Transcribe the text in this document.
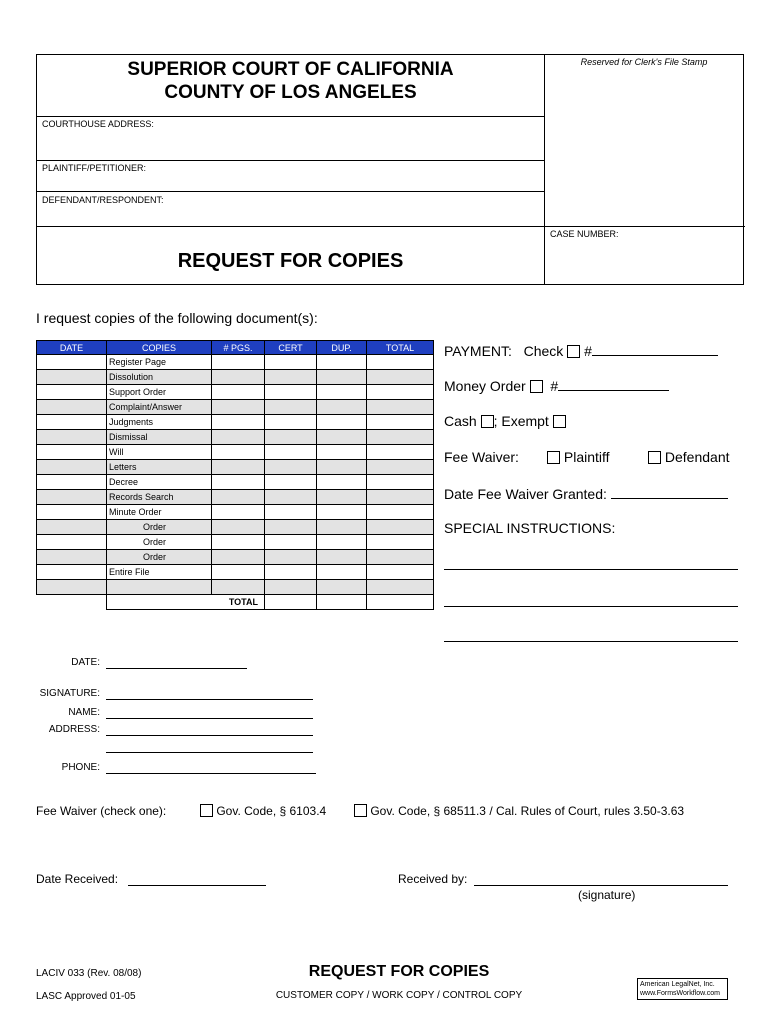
SUPERIOR COURT OF CALIFORNIA
COUNTY OF LOS ANGELES
Reserved for Clerk's File Stamp
COURTHOUSE ADDRESS:
PLAINTIFF/PETITIONER:
DEFENDANT/RESPONDENT:
REQUEST FOR COPIES
CASE NUMBER:
I request copies of the following document(s):
DATE	COPIES	# PGS.	CERT	DUP.	TOTAL
	Register Page				
	Dissolution				
	Support Order				
	Complaint/Answer				
	Judgments				
	Dismissal				
	Will				
	Letters				
	Decree				
	Records Search				
	Minute Order				
	Order				
	Order				
	Order				
	Entire File				

	TOTAL				
PAYMENT: Check #
Money Order #
Cash ; Exempt
Fee Waiver:	Plaintiff	Defendant
Date Fee Waiver Granted:
SPECIAL INSTRUCTIONS:
DATE:
SIGNATURE:
NAME:
ADDRESS:
PHONE:
Fee Waiver (check one):	Gov. Code, § 6103.4	Gov. Code, § 68511.3 / Cal. Rules of Court, rules 3.50-3.63
Date Received:	Received by:
(signature)
LACIV 033 (Rev. 08/08)
LASC Approved 01-05
REQUEST FOR COPIES
CUSTOMER COPY / WORK COPY / CONTROL COPY
American LegalNet, Inc.
www.FormsWorkflow.com
